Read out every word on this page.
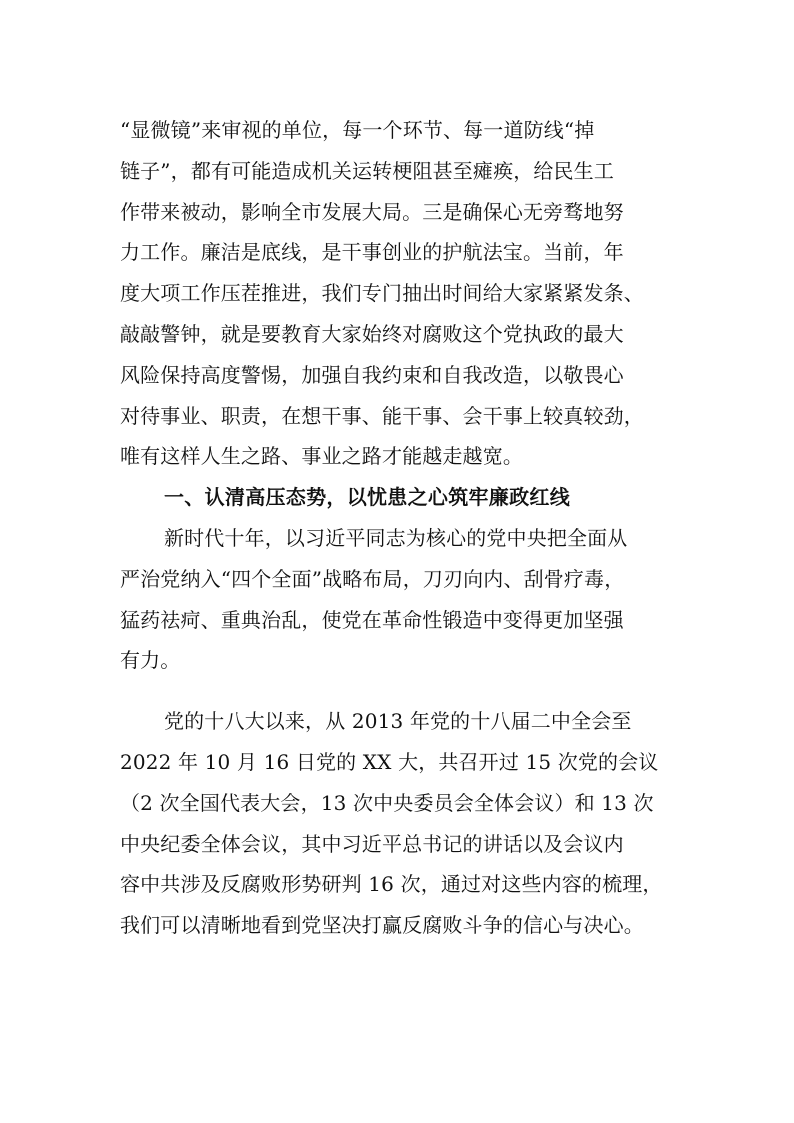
“显微镜”来审视的单位，每一个环节、每一道防线“掉
链子”，都有可能造成机关运转梗阻甚至瘫痪，给民生工
作带来被动，影响全市发展大局。三是确保心无旁骛地努
力工作。廉洁是底线，是干事创业的护航法宝。当前，年
度大项工作压茬推进，我们专门抽出时间给大家紧紧发条、
敲敲警钟，就是要教育大家始终对腐败这个党执政的最大
风险保持高度警惕，加强自我约束和自我改造，以敬畏心
对待事业、职责，在想干事、能干事、会干事上较真较劲，
唯有这样人生之路、事业之路才能越走越宽。
一、认清高压态势，以忧患之心筑牢廉政红线
新时代十年，以习近平同志为核心的党中央把全面从
严治党纳入“四个全面”战略布局，刀刃向内、刮骨疗毒，
猛药祛疴、重典治乱，使党在革命性锻造中变得更加坚强
有力。
党的十八大以来，从 2013 年党的十八届二中全会至
2022 年 10 月 16 日党的 XX 大，共召开过 15 次党的会议
（2 次全国代表大会，13 次中央委员会全体会议）和 13 次
中央纪委全体会议，其中习近平总书记的讲话以及会议内
容中共涉及反腐败形势研判 16 次，通过对这些内容的梳理，
我们可以清晰地看到党坚决打赢反腐败斗争的信心与决心。
